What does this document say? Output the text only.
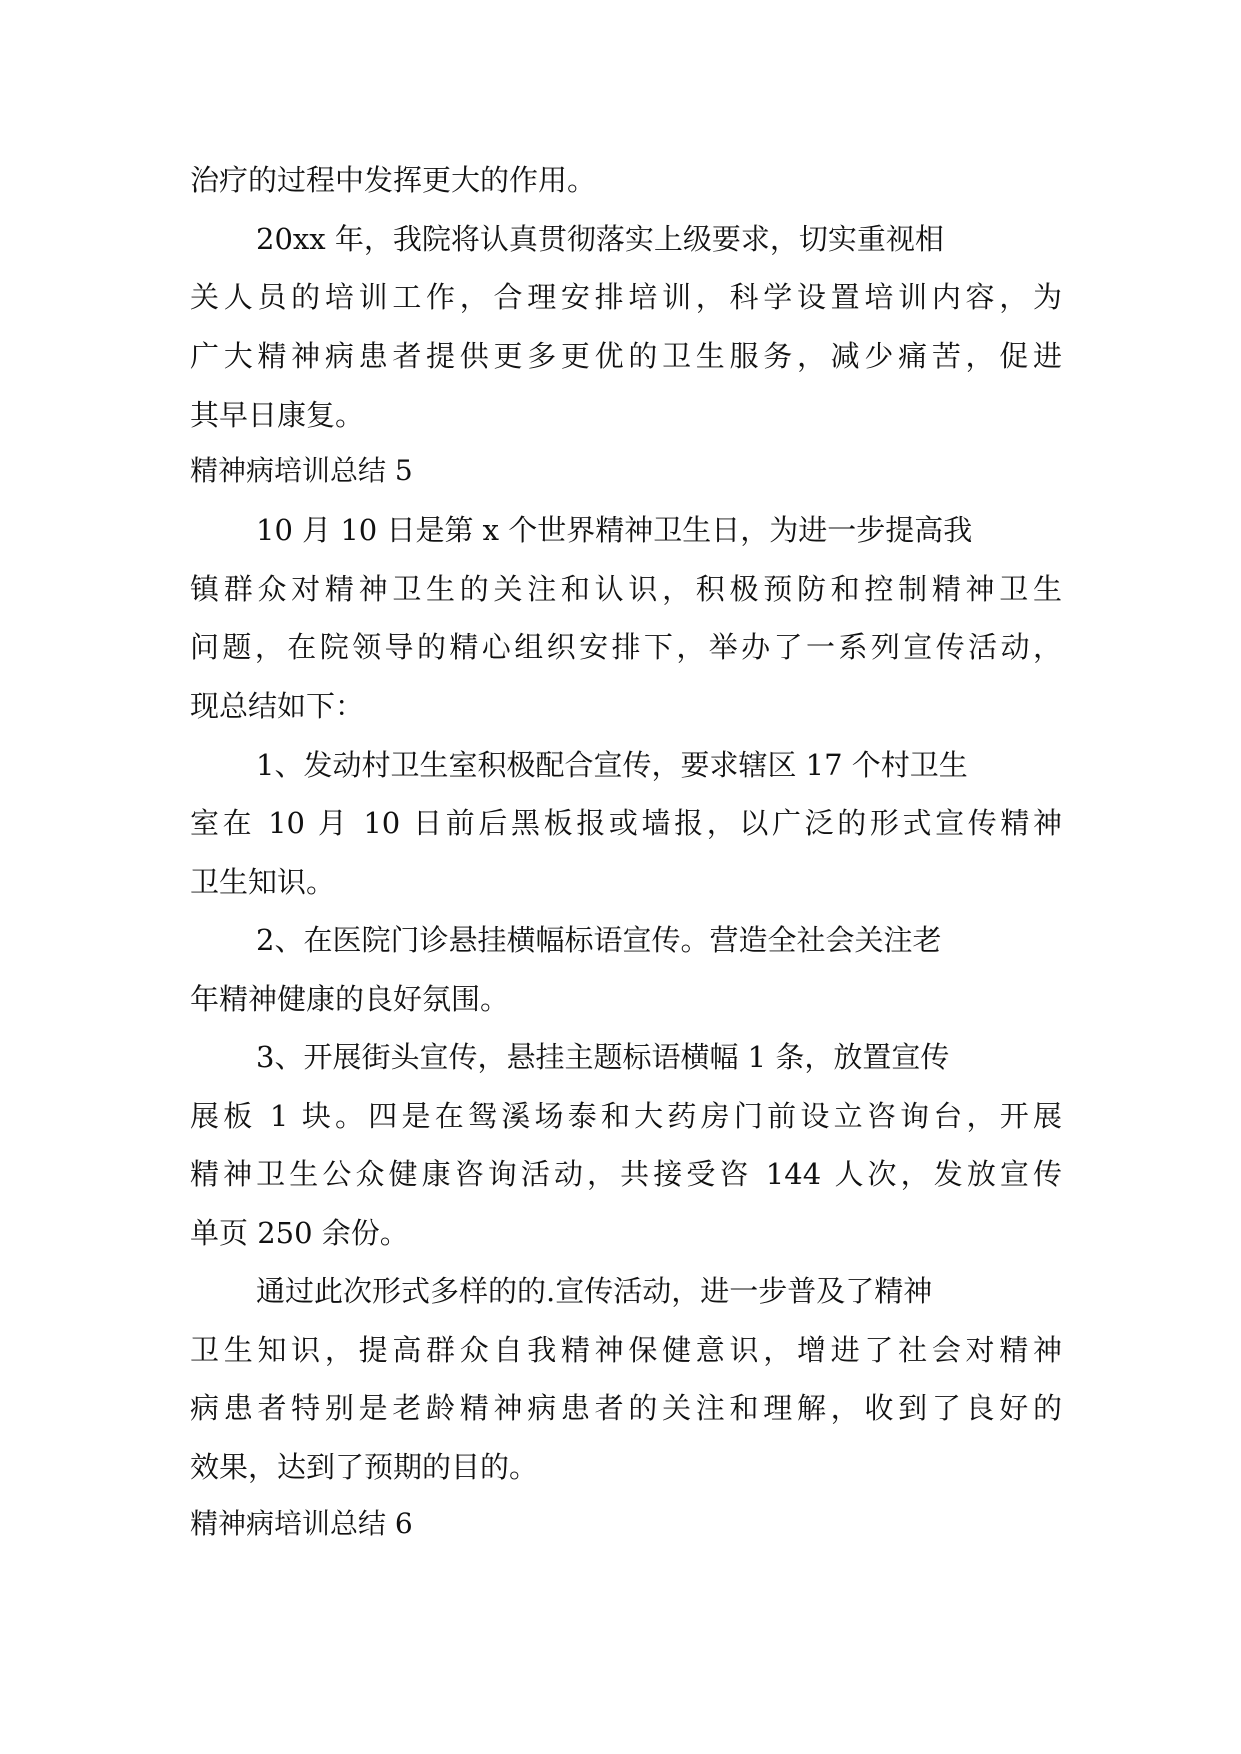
治疗的过程中发挥更大的作用。
20xx 年，我院将认真贯彻落实上级要求，切实重视相
关人员的培训工作，合理安排培训，科学设置培训内容，为
广大精神病患者提供更多更优的卫生服务，减少痛苦，促进
其早日康复。
精神病培训总结 5
10 月 10 日是第 x 个世界精神卫生日，为进一步提高我
镇群众对精神卫生的关注和认识，积极预防和控制精神卫生
问题，在院领导的精心组织安排下，举办了一系列宣传活动，
现总结如下：
1、发动村卫生室积极配合宣传，要求辖区 17 个村卫生
室在 10 月 10 日前后黑板报或墙报，以广泛的形式宣传精神
卫生知识。
2、在医院门诊悬挂横幅标语宣传。营造全社会关注老
年精神健康的良好氛围。
3、开展街头宣传，悬挂主题标语横幅 1 条，放置宣传
展板 1 块。四是在鸳溪场泰和大药房门前设立咨询台，开展
精神卫生公众健康咨询活动，共接受咨 144 人次，发放宣传
单页 250 余份。
通过此次形式多样的的.宣传活动，进一步普及了精神
卫生知识，提高群众自我精神保健意识，增进了社会对精神
病患者特别是老龄精神病患者的关注和理解，收到了良好的
效果，达到了预期的目的。
精神病培训总结 6
